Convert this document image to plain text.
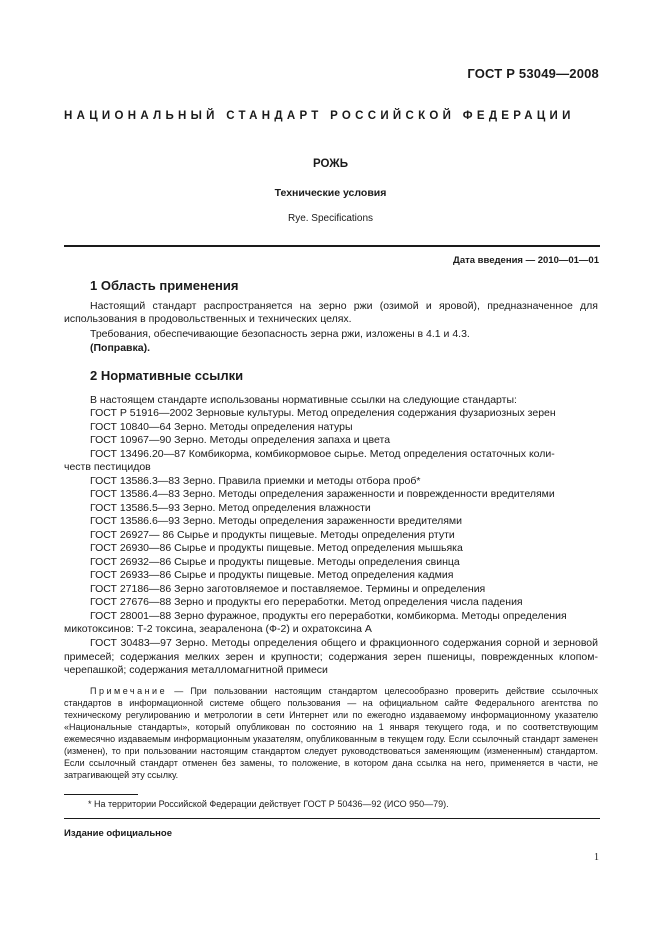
ГОСТ Р 53049—2008
НАЦИОНАЛЬНЫЙ СТАНДАРТ РОССИЙСКОЙ ФЕДЕРАЦИИ
РОЖЬ
Технические условия
Rye. Specifications
Дата введения — 2010—01—01
1 Область применения
Настоящий стандарт распространяется на зерно ржи (озимой и яровой), предназначенное для использования в продовольственных и технических целях.
Требования, обеспечивающие безопасность зерна ржи, изложены в 4.1 и 4.3.
(Поправка).
2 Нормативные ссылки
В настоящем стандарте использованы нормативные ссылки на следующие стандарты:
ГОСТ Р 51916—2002 Зерновые культуры. Метод определения содержания фузариозных зерен
ГОСТ 10840—64 Зерно. Методы определения натуры
ГОСТ 10967—90 Зерно. Методы определения запаха и цвета
ГОСТ 13496.20—87 Комбикорма, комбикормовое сырье. Метод определения остаточных коли-
честв пестицидов
ГОСТ 13586.3—83 Зерно. Правила приемки и методы отбора проб*
ГОСТ 13586.4—83 Зерно. Методы определения зараженности и поврежденности вредителями
ГОСТ 13586.5—93 Зерно. Метод определения влажности
ГОСТ 13586.6—93 Зерно. Методы определения зараженности вредителями
ГОСТ 26927— 86 Сырье и продукты пищевые. Методы определения ртути
ГОСТ 26930—86 Сырье и продукты пищевые. Метод определения мышьяка
ГОСТ 26932—86 Сырье и продукты пищевые. Методы определения свинца
ГОСТ 26933—86 Сырье и продукты пищевые. Метод определения кадмия
ГОСТ 27186—86 Зерно заготовляемое и поставляемое. Термины и определения
ГОСТ 27676—88 Зерно и продукты его переработки. Метод определения числа падения
ГОСТ 28001—88 Зерно фуражное, продукты его переработки, комбикорма. Методы определения
микотоксинов: Т-2 токсина, зеараленона (Ф-2) и охратоксина А
ГОСТ 30483—97 Зерно. Методы определения общего и фракционного содержания сорной и зерновой примесей; содержания мелких зерен и крупности; содержания зерен пшеницы, поврежденных клопом-черепашкой; содержания металломагнитной примеси
Примечание — При пользовании настоящим стандартом целесообразно проверить действие ссылочных стандартов в информационной системе общего пользования — на официальном сайте Федерального агентства по техническому регулированию и метрологии в сети Интернет или по ежегодно издаваемому информационному указателю «Национальные стандарты», который опубликован по состоянию на 1 января текущего года, и по соответствующим ежемесячно издаваемым информационным указателям, опубликованным в текущем году. Если ссылочный стандарт заменен (изменен), то при пользовании настоящим стандартом следует руководствоваться заменяющим (измененным) стандартом. Если ссылочный стандарт отменен без замены, то положение, в котором дана ссылка на него, применяется в части, не затрагивающей эту ссылку.
* На территории Российской Федерации действует ГОСТ Р 50436—92 (ИСО 950—79).
Издание официальное
1
